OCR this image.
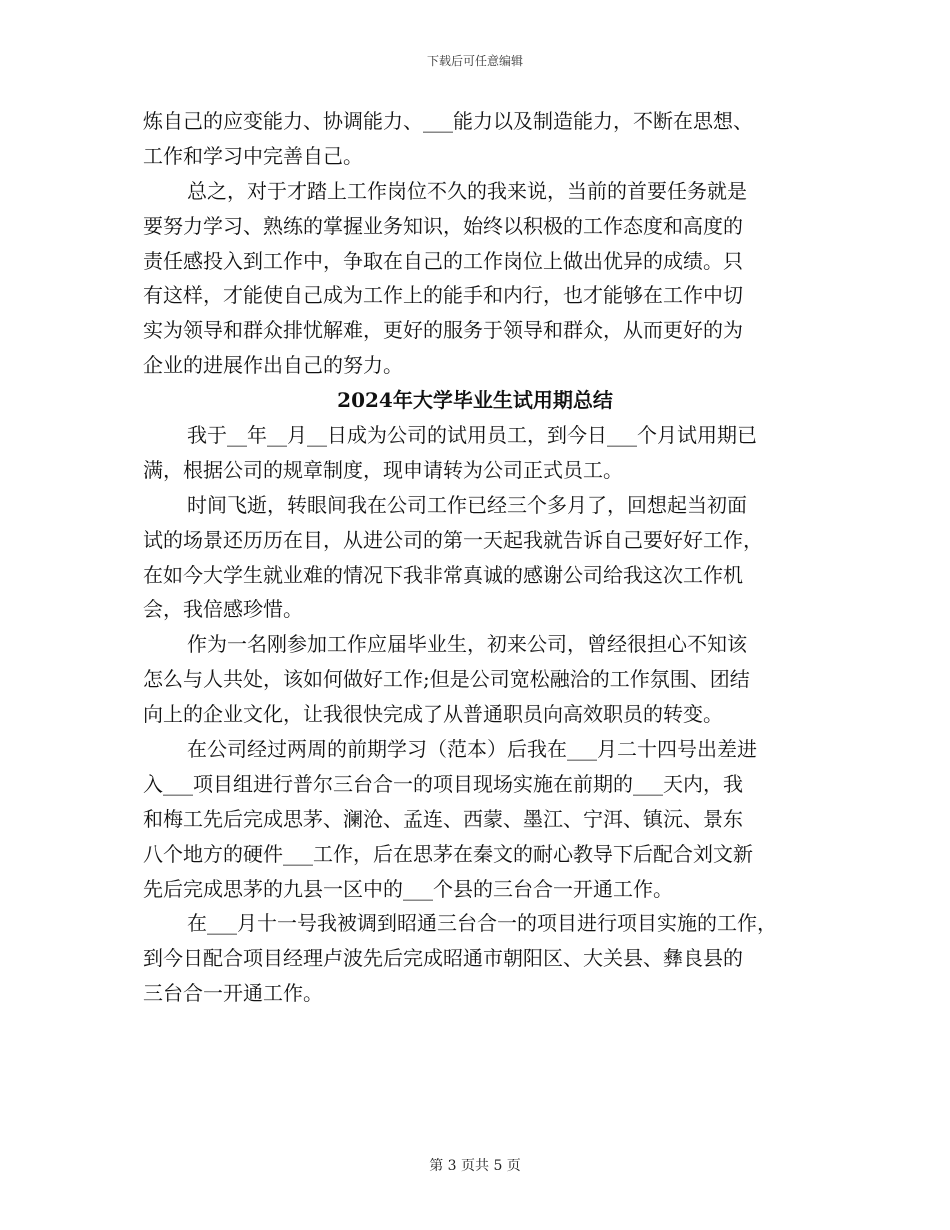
下载后可任意编辑
炼自己的应变能力、协调能力、___能力以及制造能力，不断在思想、
工作和学习中完善自己。
总之，对于才踏上工作岗位不久的我来说，当前的首要任务就是
要努力学习、熟练的掌握业务知识，始终以积极的工作态度和高度的
责任感投入到工作中，争取在自己的工作岗位上做出优异的成绩。只
有这样，才能使自己成为工作上的能手和内行，也才能够在工作中切
实为领导和群众排忧解难，更好的服务于领导和群众，从而更好的为
企业的进展作出自己的努力。
2024年大学毕业生试用期总结
我于__年__月__日成为公司的试用员工，到今日___个月试用期已
满，根据公司的规章制度，现申请转为公司正式员工。
时间飞逝，转眼间我在公司工作已经三个多月了，回想起当初面
试的场景还历历在目，从进公司的第一天起我就告诉自己要好好工作，
在如今大学生就业难的情况下我非常真诚的感谢公司给我这次工作机
会，我倍感珍惜。
作为一名刚参加工作应届毕业生，初来公司，曾经很担心不知该
怎么与人共处，该如何做好工作;但是公司宽松融洽的工作氛围、团结
向上的企业文化，让我很快完成了从普通职员向高效职员的转变。
在公司经过两周的前期学习（范本）后我在___月二十四号出差进
入___项目组进行普尔三台合一的项目现场实施在前期的___天内，我
和梅工先后完成思茅、澜沧、孟连、西蒙、墨江、宁洱、镇沅、景东
八个地方的硬件___工作，后在思茅在秦文的耐心教导下后配合刘文新
先后完成思茅的九县一区中的___个县的三台合一开通工作。
在___月十一号我被调到昭通三台合一的项目进行项目实施的工作，
到今日配合项目经理卢波先后完成昭通市朝阳区、大关县、彝良县的
三台合一开通工作。
第 3 页共 5 页
